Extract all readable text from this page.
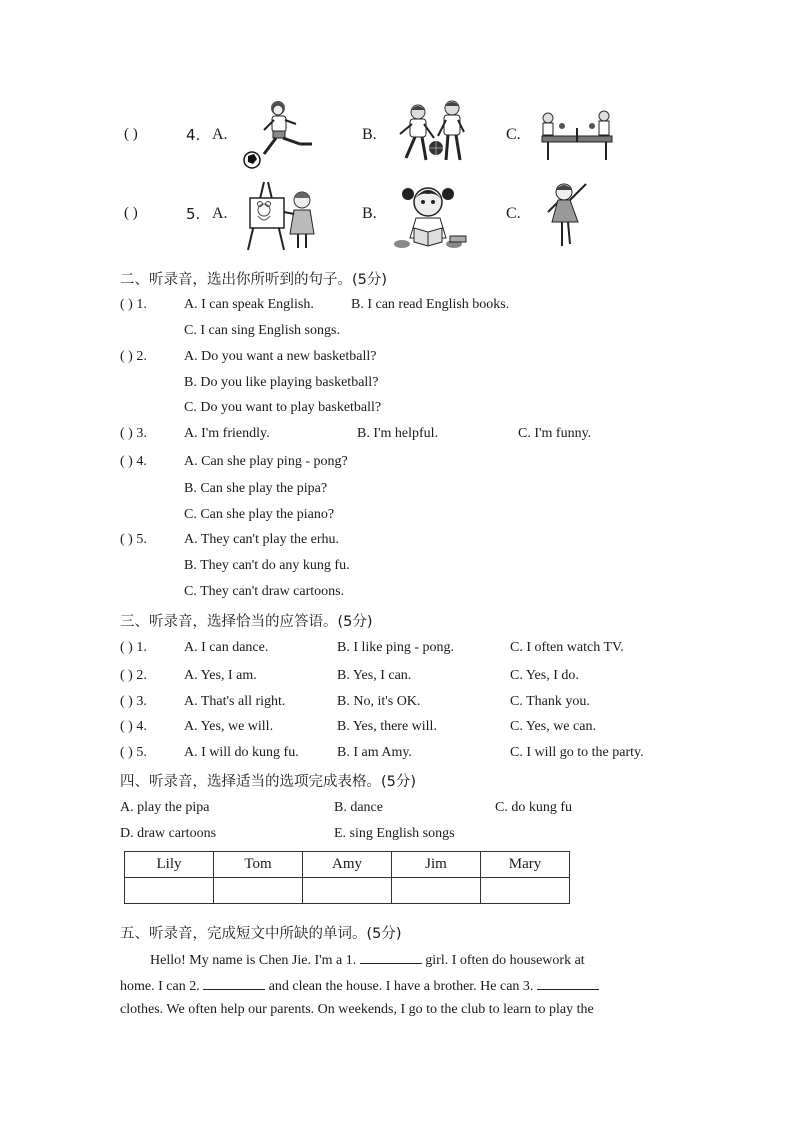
( )	4. A.	B.	C.
( )	5. A.	B.	C.
二、听录音，选出你所听到的句子。(5分)
( ) 1.	A. I can speak English.	B. I can read English books.
C. I can sing English songs.
( ) 2.	A. Do you want a new basketball?
B. Do you like playing basketball?
C. Do you want to play basketball?
( ) 3.	A. I'm friendly.	B. I'm helpful.	C. I'm funny.
( ) 4.	A. Can she play ping - pong?
B. Can she play the pipa?
C. Can she play the piano?
( ) 5.	A. They can't play the erhu.
B. They can't do any kung fu.
C. They can't draw cartoons.
三、听录音，选择恰当的应答语。(5分)
( ) 1.	A. I can dance.	B. I like ping - pong.	C. I often watch TV.
( ) 2.	A. Yes, I am.	B. Yes, I can.	C. Yes, I do.
( ) 3.	A. That's all right.	B. No, it's OK.	C. Thank you.
( ) 4.	A. Yes, we will.	B. Yes, there will.	C. Yes, we can.
( ) 5.	A. I will do kung fu.	B. I am Amy.	C. I will go to the party.
四、听录音，选择适当的选项完成表格。(5分)
A. play the pipa	B. dance	C. do kung fu
D. draw cartoons	E. sing English songs
Lily	Tom	Amy	Jim	Mary

五、听录音，完成短文中所缺的单词。(5分)
Hello! My name is Chen Jie. I'm a 1.	girl. I often do housework at
home. I can 2.	and clean the house. I have a brother. He can 3.
clothes. We often help our parents. On weekends, I go to the club to learn to play the
